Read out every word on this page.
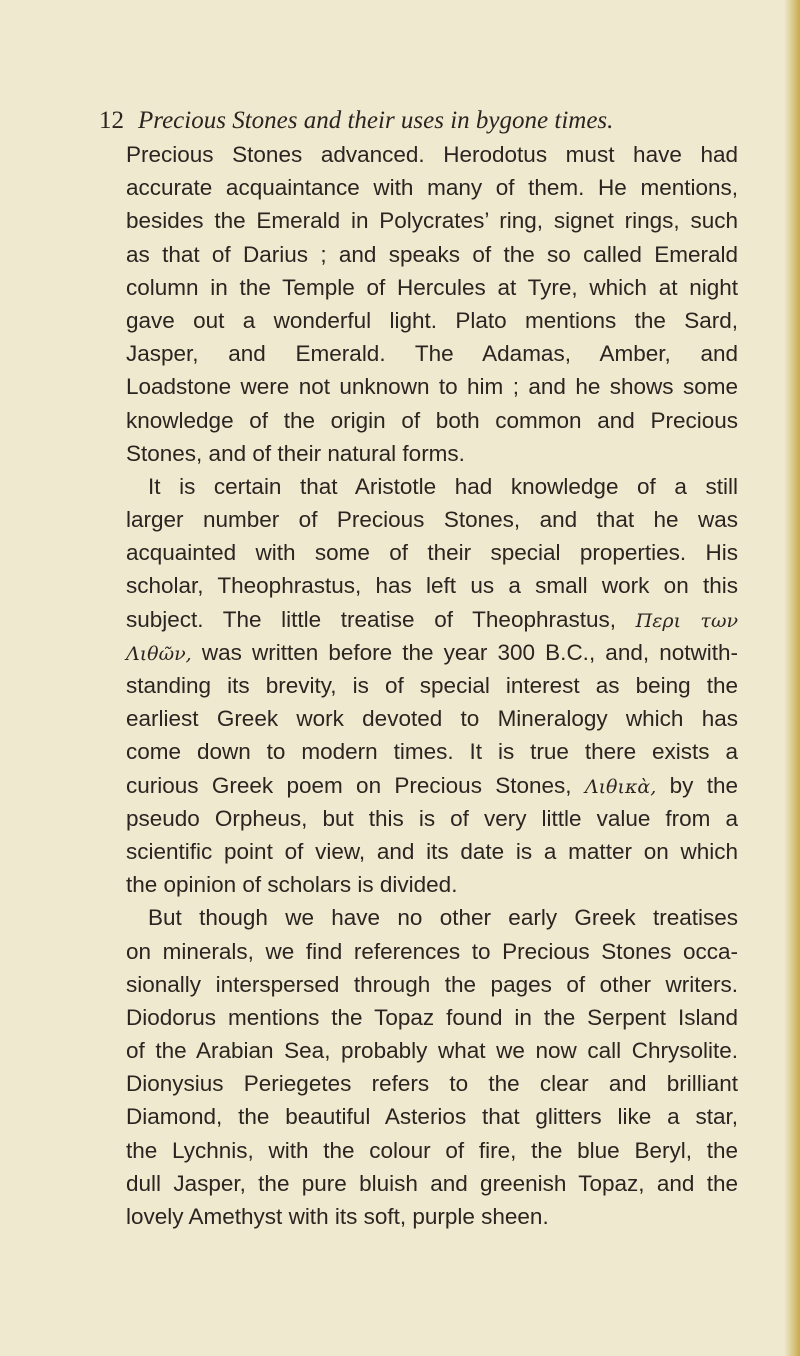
12 Precious Stones and their uses in bygone times.
Precious Stones advanced. Herodotus must have had
accurate acquaintance with many of them. He mentions,
besides the Emerald in Polycrates’ ring, signet rings, such
as that of Darius ; and speaks of the so called Emerald
column in the Temple of Hercules at Tyre, which at night
gave out a wonderful light. Plato mentions the Sard,
Jasper, and Emerald. The Adamas, Amber, and
Loadstone were not unknown to him ; and he shows some
knowledge of the origin of both common and Precious
Stones, and of their natural forms.
It is certain that Aristotle had knowledge of a still
larger number of Precious Stones, and that he was
acquainted with some of their special properties. His
scholar, Theophrastus, has left us a small work on this
subject. The little treatise of Theophrastus, Περι των
Λιθῶν, was written before the year 300 B.C., and, notwith-
standing its brevity, is of special interest as being the
earliest Greek work devoted to Mineralogy which has
come down to modern times. It is true there exists a
curious Greek poem on Precious Stones, Λιθικὰ, by the
pseudo Orpheus, but this is of very little value from a
scientific point of view, and its date is a matter on which
the opinion of scholars is divided.
But though we have no other early Greek treatises
on minerals, we find references to Precious Stones occa-
sionally interspersed through the pages of other writers.
Diodorus mentions the Topaz found in the Serpent Island
of the Arabian Sea, probably what we now call Chrysolite.
Dionysius Periegetes refers to the clear and brilliant
Diamond, the beautiful Asterios that glitters like a star,
the Lychnis, with the colour of fire, the blue Beryl, the
dull Jasper, the pure bluish and greenish Topaz, and the
lovely Amethyst with its soft, purple sheen.
